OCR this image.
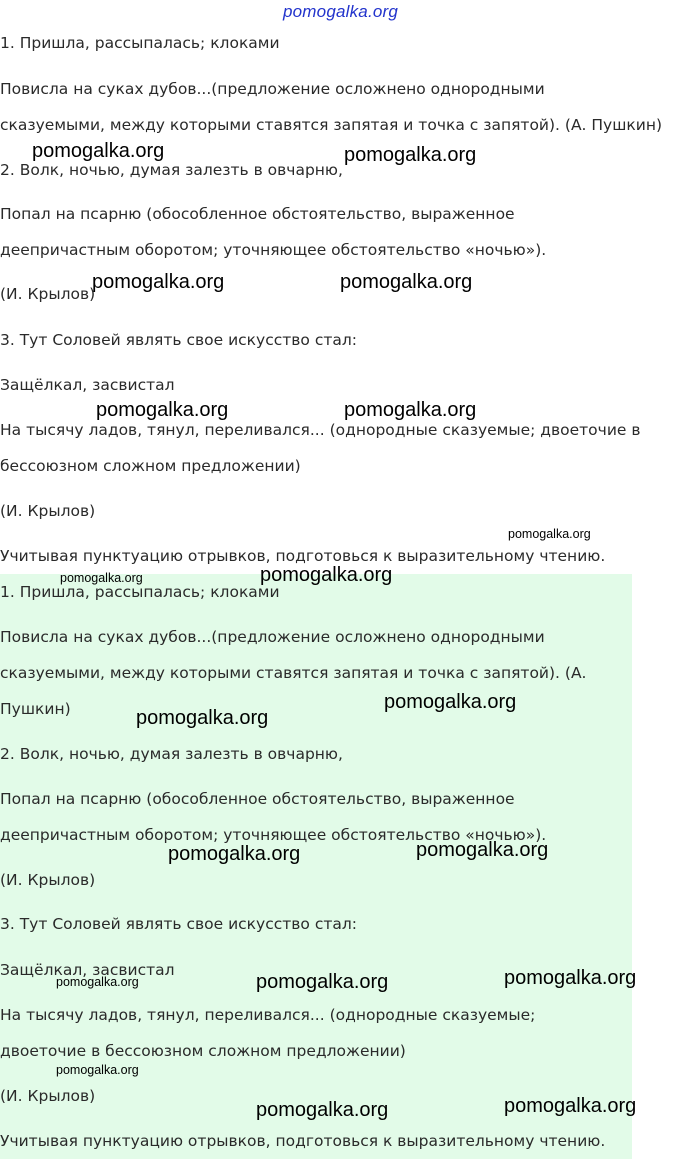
1. Пришла, рассыпалась; клоками
Повисла на суках дубов...(предложение осложнено однородными
сказуемыми, между которыми ставятся запятая и точка с запятой). (А. Пушкин)
2. Волк, ночью, думая залезть в овчарню,
Попал на псарню (обособленное обстоятельство, выраженное
деепричастным оборотом; уточняющее обстоятельство «ночью»).
(И. Крылов)
3. Тут Соловей являть свое искусство стал:
Защёлкал, засвистал
На тысячу ладов, тянул, переливался... (однородные сказуемые; двоеточие в
бессоюзном сложном предложении)
(И. Крылов)
Учитывая пунктуацию отрывков, подготовься к выразительному чтению.
1. Пришла, рассыпалась; клоками
Повисла на суках дубов...(предложение осложнено однородными
сказуемыми, между которыми ставятся запятая и точка с запятой). (А.
Пушкин)
2. Волк, ночью, думая залезть в овчарню,
Попал на псарню (обособленное обстоятельство, выраженное
деепричастным оборотом; уточняющее обстоятельство «ночью»).
(И. Крылов)
3. Тут Соловей являть свое искусство стал:
Защёлкал, засвистал
На тысячу ладов, тянул, переливался... (однородные сказуемые;
двоеточие в бессоюзном сложном предложении)
(И. Крылов)
Учитывая пунктуацию отрывков, подготовься к выразительному чтению.
pomogalka.org
pomogalka.org	pomogalka.org
pomogalka.org	pomogalka.org
pomogalka.org	pomogalka.org
pomogalka.org
pomogalka.org	pomogalka.org
pomogalka.org
pomogalka.org
pomogalka.org
pomogalka.org
pomogalka.org	pomogalka.org
pomogalka.org
pomogalka.org
pomogalka.org	pomogalka.org
